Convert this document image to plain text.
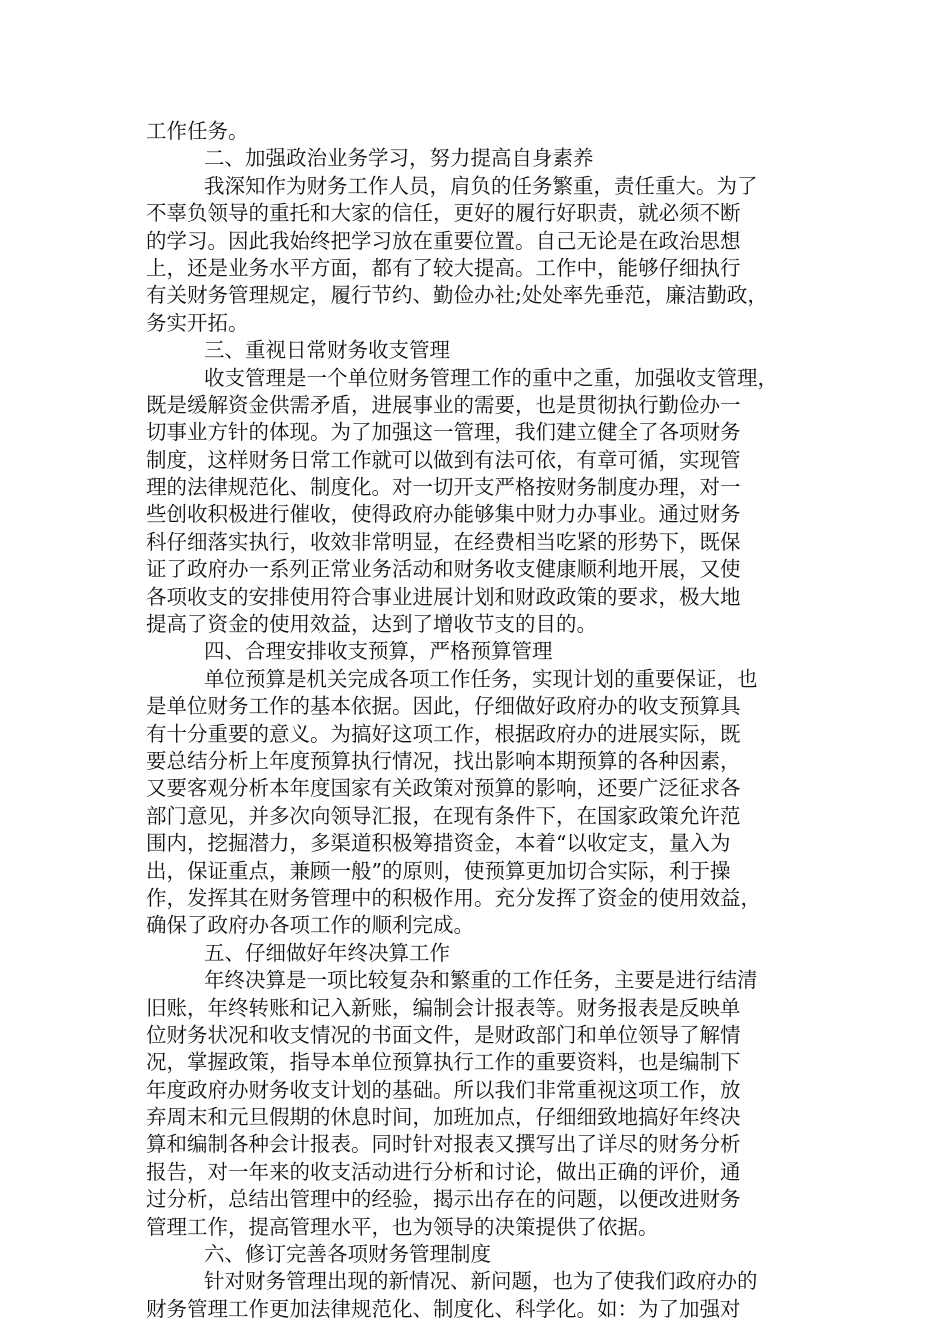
工作任务。
二、加强政治业务学习，努力提高自身素养
我深知作为财务工作人员，肩负的任务繁重，责任重大。为了
不辜负领导的重托和大家的信任，更好的履行好职责，就必须不断
的学习。因此我始终把学习放在重要位置。自己无论是在政治思想
上，还是业务水平方面，都有了较大提高。工作中，能够仔细执行
有关财务管理规定，履行节约、勤俭办社;处处率先垂范，廉洁勤政，
务实开拓。
三、重视日常财务收支管理
收支管理是一个单位财务管理工作的重中之重，加强收支管理，
既是缓解资金供需矛盾，进展事业的需要，也是贯彻执行勤俭办一
切事业方针的体现。为了加强这一管理，我们建立健全了各项财务
制度，这样财务日常工作就可以做到有法可依，有章可循，实现管
理的法律规范化、制度化。对一切开支严格按财务制度办理，对一
些创收积极进行催收，使得政府办能够集中财力办事业。通过财务
科仔细落实执行，收效非常明显，在经费相当吃紧的形势下，既保
证了政府办一系列正常业务活动和财务收支健康顺利地开展，又使
各项收支的安排使用符合事业进展计划和财政政策的要求，极大地
提高了资金的使用效益，达到了增收节支的目的。
四、合理安排收支预算，严格预算管理
单位预算是机关完成各项工作任务，实现计划的重要保证，也
是单位财务工作的基本依据。因此，仔细做好政府办的收支预算具
有十分重要的意义。为搞好这项工作，根据政府办的进展实际，既
要总结分析上年度预算执行情况，找出影响本期预算的各种因素，
又要客观分析本年度国家有关政策对预算的影响，还要广泛征求各
部门意见，并多次向领导汇报，在现有条件下，在国家政策允许范
围内，挖掘潜力，多渠道积极筹措资金，本着“以收定支，量入为
出，保证重点，兼顾一般”的原则，使预算更加切合实际，利于操
作，发挥其在财务管理中的积极作用。充分发挥了资金的使用效益，
确保了政府办各项工作的顺利完成。
五、仔细做好年终决算工作
年终决算是一项比较复杂和繁重的工作任务，主要是进行结清
旧账，年终转账和记入新账，编制会计报表等。财务报表是反映单
位财务状况和收支情况的书面文件，是财政部门和单位领导了解情
况，掌握政策，指导本单位预算执行工作的重要资料，也是编制下
年度政府办财务收支计划的基础。所以我们非常重视这项工作，放
弃周末和元旦假期的休息时间，加班加点，仔细细致地搞好年终决
算和编制各种会计报表。同时针对报表又撰写出了详尽的财务分析
报告，对一年来的收支活动进行分析和讨论，做出正确的评价，通
过分析，总结出管理中的经验，揭示出存在的问题，以便改进财务
管理工作，提高管理水平，也为领导的决策提供了依据。
六、修订完善各项财务管理制度
针对财务管理出现的新情况、新问题，也为了使我们政府办的
财务管理工作更加法律规范化、制度化、科学化。如：为了加强对
